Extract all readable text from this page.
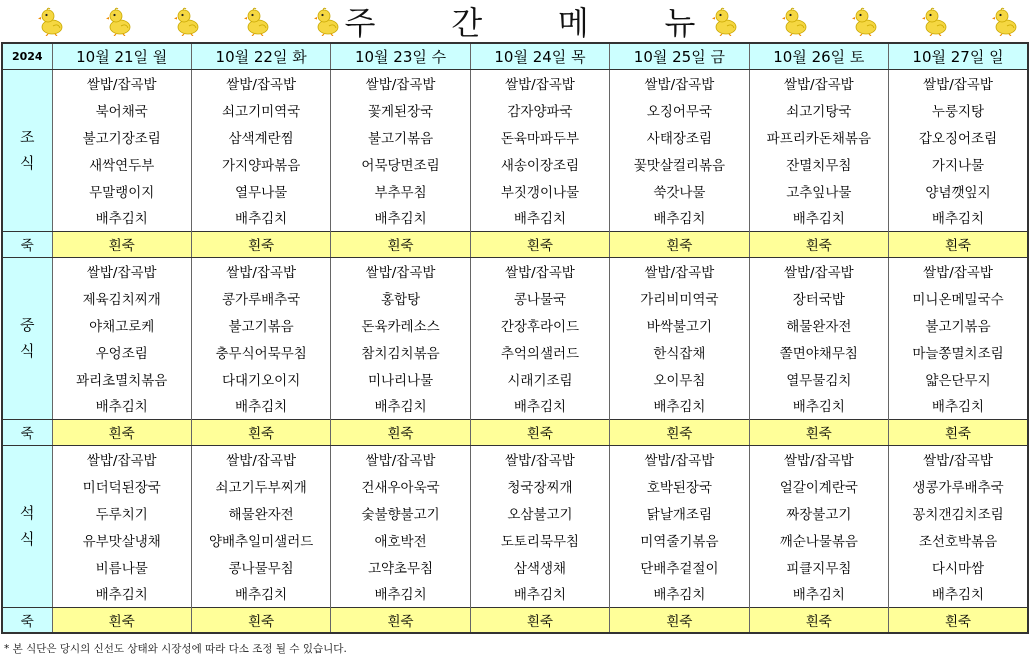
주 간 메 뉴
2024	10월 21일 월	10월 22일 화	10월 23일 수	10월 24일 목	10월 25일 금	10월 26일 토	10월 27일 일

조
식	쌀밥/잡곡밥	쌀밥/잡곡밥	쌀밥/잡곡밥	쌀밥/잡곡밥	쌀밥/잡곡밥	쌀밥/잡곡밥	쌀밥/잡곡밥
	북어채국	쇠고기미역국	꽃게된장국	감자양파국	오징어무국	쇠고기탕국	누룽지탕
	불고기장조림	삼색계란찜	불고기볶음	돈육마파두부	사태장조림	파프리카돈채볶음	갑오징어조림
	새싹연두부	가지양파볶음	어묵당면조림	새송이장조림	꽃맛살컬리볶음	잔멸치무침	가지나물
	무말랭이지	열무나물	부추무침	부짓갱이나물	쑥갓나물	고추잎나물	양념깻잎지
	배추김치	배추김치	배추김치	배추김치	배추김치	배추김치	배추김치
죽	흰죽	흰죽	흰죽	흰죽	흰죽	흰죽	흰죽

중
식	쌀밥/잡곡밥	쌀밥/잡곡밥	쌀밥/잡곡밥	쌀밥/잡곡밥	쌀밥/잡곡밥	쌀밥/잡곡밥	쌀밥/잡곡밥
	제육김치찌개	콩가루배추국	홍합탕	콩나물국	가리비미역국	장터국밥	미니온메밀국수
	야채고로케	불고기볶음	돈육카레소스	간장후라이드	바싹불고기	해물완자전	불고기볶음
	우엉조림	충무식어묵무침	참치김치볶음	추억의샐러드	한식잡채	쫄면야채무침	마늘쫑멸치조림
	꽈리초멸치볶음	다대기오이지	미나리나물	시래기조림	오이무침	열무물김치	얇은단무지
	배추김치	배추김치	배추김치	배추김치	배추김치	배추김치	배추김치
죽	흰죽	흰죽	흰죽	흰죽	흰죽	흰죽	흰죽

석
식	쌀밥/잡곡밥	쌀밥/잡곡밥	쌀밥/잡곡밥	쌀밥/잡곡밥	쌀밥/잡곡밥	쌀밥/잡곡밥	쌀밥/잡곡밥
	미더덕된장국	쇠고기두부찌개	건새우아욱국	청국장찌개	호박된장국	얼갈이계란국	생콩가루배추국
	두루치기	해물완자전	숯불향불고기	오삼불고기	닭날개조림	짜장불고기	꽁치갠김치조림
	유부맛살냉채	양배추일미샐러드	애호박전	도토리묵무침	미역줄기볶음	깨순나물볶음	조선호박볶음
	비름나물	콩나물무침	고약초무침	삼색생채	단배추겉절이	피클지무침	다시마쌈
	배추김치	배추김치	배추김치	배추김치	배추김치	배추김치	배추김치
죽	흰죽	흰죽	흰죽	흰죽	흰죽	흰죽	흰죽
* 본 식단은 당시의 신선도 상태와 시장성에 따라 다소 조정 될 수 있습니다.
